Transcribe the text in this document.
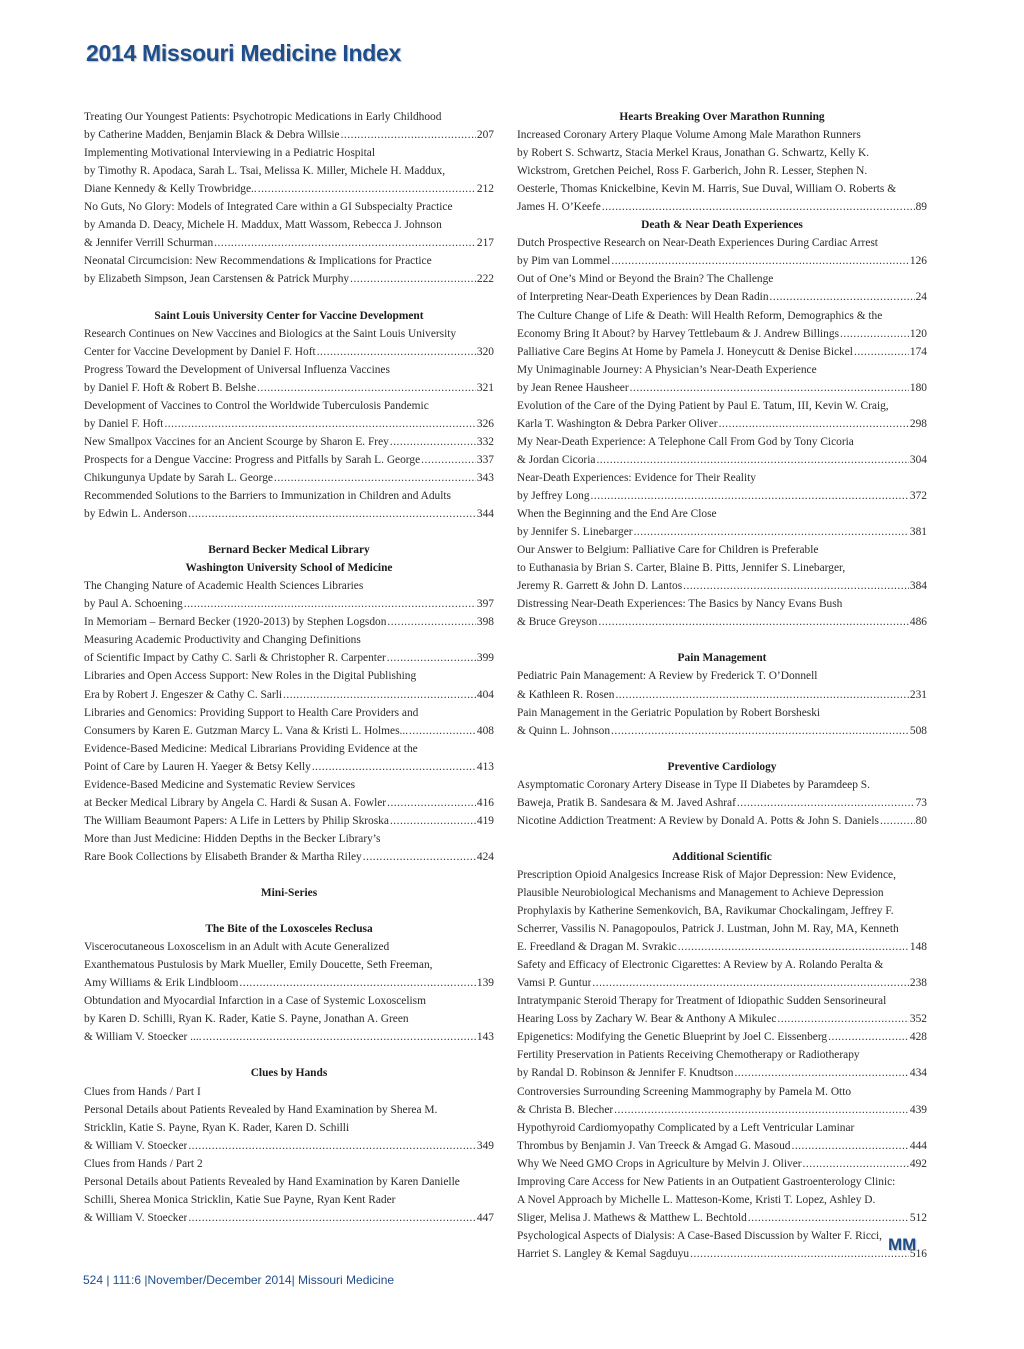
2014 Missouri Medicine Index
Treating Our Youngest Patients: Psychotropic Medications in Early Childhood
by Catherine Madden, Benjamin Black & Debra Willsie .....	207
Implementing Motivational Interviewing in a Pediatric Hospital
by Timothy R. Apodaca, Sarah L. Tsai, Melissa K. Miller, Michele H. Maddux,
Diane Kennedy & Kelly Trowbridge.. .....	212
No Guts, No Glory: Models of Integrated Care within a GI Subspecialty Practice
by Amanda D. Deacy, Michele H. Maddux, Matt Wassom, Rebecca J. Johnson
& Jennifer Verrill Schurman .....	217
Neonatal Circumcision: New Recommendations & Implications for Practice
by Elizabeth Simpson, Jean Carstensen & Patrick Murphy .....	222
Saint Louis University Center for Vaccine Development
Research Continues on New Vaccines and Biologics at the Saint Louis University
Center for Vaccine Development by Daniel F. Hoft .....	320
Progress Toward the Development of Universal Influenza Vaccines
by Daniel F. Hoft & Robert B. Belshe .....	321
Development of Vaccines to Control the Worldwide Tuberculosis Pandemic
by Daniel F. Hoft .....	326
New Smallpox Vaccines for an Ancient Scourge by Sharon E. Frey .....	332
Prospects for a Dengue Vaccine: Progress and Pitfalls by Sarah L. George .....	337
Chikungunya Update by Sarah L. George .....	343
Recommended Solutions to the Barriers to Immunization in Children and Adults
by Edwin L. Anderson .....	344
Bernard Becker Medical Library
Washington University School of Medicine
The Changing Nature of Academic Health Sciences Libraries
by Paul A. Schoening .....	397
In Memoriam – Bernard Becker (1920-2013) by Stephen Logsdon .....	398
Measuring Academic Productivity and Changing Definitions
of Scientific Impact by Cathy C. Sarli & Christopher R. Carpenter .....	399
Libraries and Open Access Support: New Roles in the Digital Publishing
Era by Robert J. Engeszer & Cathy C. Sarli .....	404
Libraries and Genomics: Providing Support to Health Care Providers and
Consumers by Karen E. Gutzman Marcy L. Vana & Kristi L. Holmes... .....	408
Evidence-Based Medicine: Medical Librarians Providing Evidence at the
Point of Care by Lauren H. Yaeger & Betsy Kelly .....	413
Evidence-Based Medicine and Systematic Review Services
at Becker Medical Library by Angela C. Hardi & Susan A. Fowler .....	416
The William Beaumont Papers: A Life in Letters by Philip Skroska .....	419
More than Just Medicine: Hidden Depths in the Becker Library’s
Rare Book Collections by Elisabeth Brander & Martha Riley .....	424
Mini-Series
The Bite of the Loxosceles Reclusa
Viscerocutaneous Loxoscelism in an Adult with Acute Generalized
Exanthematous Pustulosis by Mark Mueller, Emily Doucette, Seth Freeman,
Amy Williams & Erik Lindbloom .....	139
Obtundation and Myocardial Infarction in a Case of Systemic Loxoscelism
by Karen D. Schilli, Ryan K. Rader, Katie S. Payne, Jonathan A. Green
& William V. Stoecker .... .....	143
Clues by Hands
Clues from Hands / Part I
Personal Details about Patients Revealed by Hand Examination by Sherea M.
Stricklin, Katie S. Payne, Ryan K. Rader, Karen D. Schilli
& William V. Stoecker .....	349
Clues from Hands / Part 2
Personal Details about Patients Revealed by Hand Examination by Karen Danielle
Schilli, Sherea Monica Stricklin, Katie Sue Payne, Ryan Kent Rader
& William V. Stoecker .....	447
Hearts Breaking Over Marathon Running
Increased Coronary Artery Plaque Volume Among Male Marathon Runners
by Robert S. Schwartz, Stacia Merkel Kraus, Jonathan G. Schwartz, Kelly K.
Wickstrom, Gretchen Peichel, Ross F. Garberich, John R. Lesser, Stephen N.
Oesterle, Thomas Knickelbine, Kevin M. Harris, Sue Duval, William O. Roberts &
James H. O’Keefe .....	89
Death & Near Death Experiences
Dutch Prospective Research on Near-Death Experiences During Cardiac Arrest
by Pim van Lommel .....	126
Out of One’s Mind or Beyond the Brain? The Challenge
of Interpreting Near-Death Experiences by Dean Radin .....	24
The Culture Change of Life & Death: Will Health Reform, Demographics & the
Economy Bring It About? by Harvey Tettlebaum & J. Andrew Billings .....	120
Palliative Care Begins At Home by Pamela J. Honeycutt & Denise Bickel .....	174
My Unimaginable Journey: A Physician’s Near-Death Experience
by Jean Renee Hausheer .....	180
Evolution of the Care of the Dying Patient by Paul E. Tatum, III, Kevin W. Craig,
Karla T. Washington & Debra Parker Oliver .....	298
My Near-Death Experience: A Telephone Call From God by Tony Cicoria
& Jordan Cicoria .....	304
Near-Death Experiences: Evidence for Their Reality
by Jeffrey Long .....	372
When the Beginning and the End Are Close
by Jennifer S. Linebarger .....	381
Our Answer to Belgium: Palliative Care for Children is Preferable
to Euthanasia by Brian S. Carter, Blaine B. Pitts, Jennifer S. Linebarger,
Jeremy R. Garrett & John D. Lantos .....	384
Distressing Near-Death Experiences: The Basics by Nancy Evans Bush
& Bruce Greyson .....	486
Pain Management
Pediatric Pain Management: A Review by Frederick T. O’Donnell
& Kathleen R. Rosen .....	231
Pain Management in the Geriatric Population by Robert Borsheski
& Quinn L. Johnson .....	508
Preventive Cardiology
Asymptomatic Coronary Artery Disease in Type II Diabetes by Paramdeep S.
Baweja, Pratik B. Sandesara & M. Javed Ashraf .....	73
Nicotine Addiction Treatment: A Review by Donald A. Potts & John S. Daniels .....	80
Additional Scientific
Prescription Opioid Analgesics Increase Risk of Major Depression: New Evidence,
Plausible Neurobiological Mechanisms and Management to Achieve Depression
Prophylaxis by Katherine Semenkovich, BA, Ravikumar Chockalingam, Jeffrey F.
Scherrer, Vassilis N. Panagopoulos, Patrick J. Lustman, John M. Ray, MA, Kenneth
E. Freedland & Dragan M. Svrakic .....	148
Safety and Efficacy of Electronic Cigarettes: A Review by A. Rolando Peralta &
Vamsi P. Guntur .....	238
Intratympanic Steroid Therapy for Treatment of Idiopathic Sudden Sensorineural
Hearing Loss by Zachary W. Bear & Anthony A Mikulec .....	352
Epigenetics: Modifying the Genetic Blueprint by Joel C. Eissenberg .....	428
Fertility Preservation in Patients Receiving Chemotherapy or Radiotherapy
by Randal D. Robinson & Jennifer F. Knudtson .....	434
Controversies Surrounding Screening Mammography by Pamela M. Otto
& Christa B. Blecher .....	439
Hypothyroid Cardiomyopathy Complicated by a Left Ventricular Laminar
Thrombus by Benjamin J. Van Treeck & Amgad G. Masoud .....	444
Why We Need GMO Crops in Agriculture by Melvin J. Oliver .....	492
Improving Care Access for New Patients in an Outpatient Gastroenterology Clinic:
A Novel Approach by Michelle L. Matteson-Kome, Kristi T. Lopez, Ashley D.
Sliger, Melisa J. Mathews & Matthew L. Bechtold .....	512
Psychological Aspects of Dialysis: A Case-Based Discussion by Walter F. Ricci,
Harriet S. Langley & Kemal Sagduyu .....	516
MM
524 | 111:6 |November/December 2014| Missouri Medicine
